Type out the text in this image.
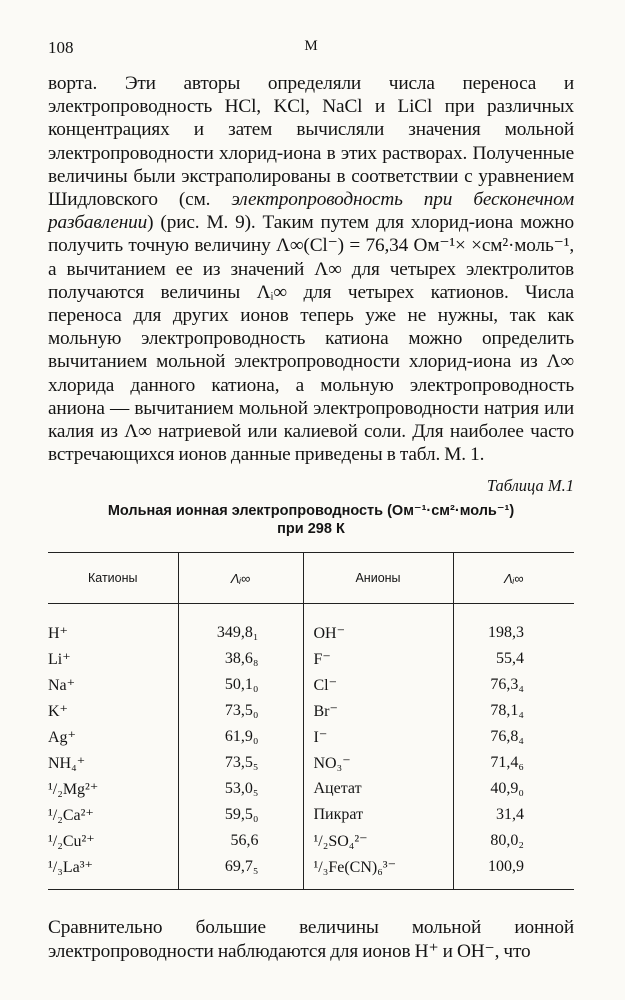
108	М
ворта. Эти авторы определяли числа переноса и электропроводность HCl, KCl, NaCl и LiCl при различных концентрациях и затем вычисляли значения мольной электропроводности хлорид-иона в этих растворах. Полученные величины были экстраполированы в соответствии с уравнением Шидловского (см. электропроводность при бесконечном разбавлении) (рис. М. 9). Таким путем для хлорид-иона можно получить точную величину Λ∞(Cl⁻) = 76,34 Ом⁻¹× ×см²·моль⁻¹, а вычитанием ее из значений Λ∞ для четырех электролитов получаются величины Λᵢ∞ для четырех катионов. Числа переноса для других ионов теперь уже не нужны, так как мольную электропроводность катиона можно определить вычитанием мольной электропроводности хлорид-иона из Λ∞ хлорида данного катиона, а мольную электропроводность аниона — вычитанием мольной электропроводности натрия или калия из Λ∞ натриевой или калиевой соли. Для наиболее часто встречающихся ионов данные приведены в табл. М. 1.
Таблица М.1
Мольная ионная электропроводность (Ом⁻¹·см²·моль⁻¹)
при 298 К
Катионы	Λᵢ∞	Анионы	Λᵢ∞
H⁺	349,8₁	OH⁻	198,3
Li⁺	38,6₈	F⁻	55,4
Na⁺	50,1₀	Cl⁻	76,3₄
K⁺	73,5₀	Br⁻	78,1₄
Ag⁺	61,9₀	I⁻	76,8₄
NH₄⁺	73,5₅	NO₃⁻	71,4₆
¹/₂Mg²⁺	53,0₅	Ацетат	40,9₀
¹/₂Ca²⁺	59,5₀	Пикрат	31,4
¹/₂Cu²⁺	56,6	¹/₂SO₄²⁻	80,0₂
¹/₃La³⁺	69,7₅	¹/₃Fe(CN)₆³⁻	100,9
Сравнительно большие величины мольной ионной электропроводности наблюдаются для ионов H⁺ и OH⁻, что
